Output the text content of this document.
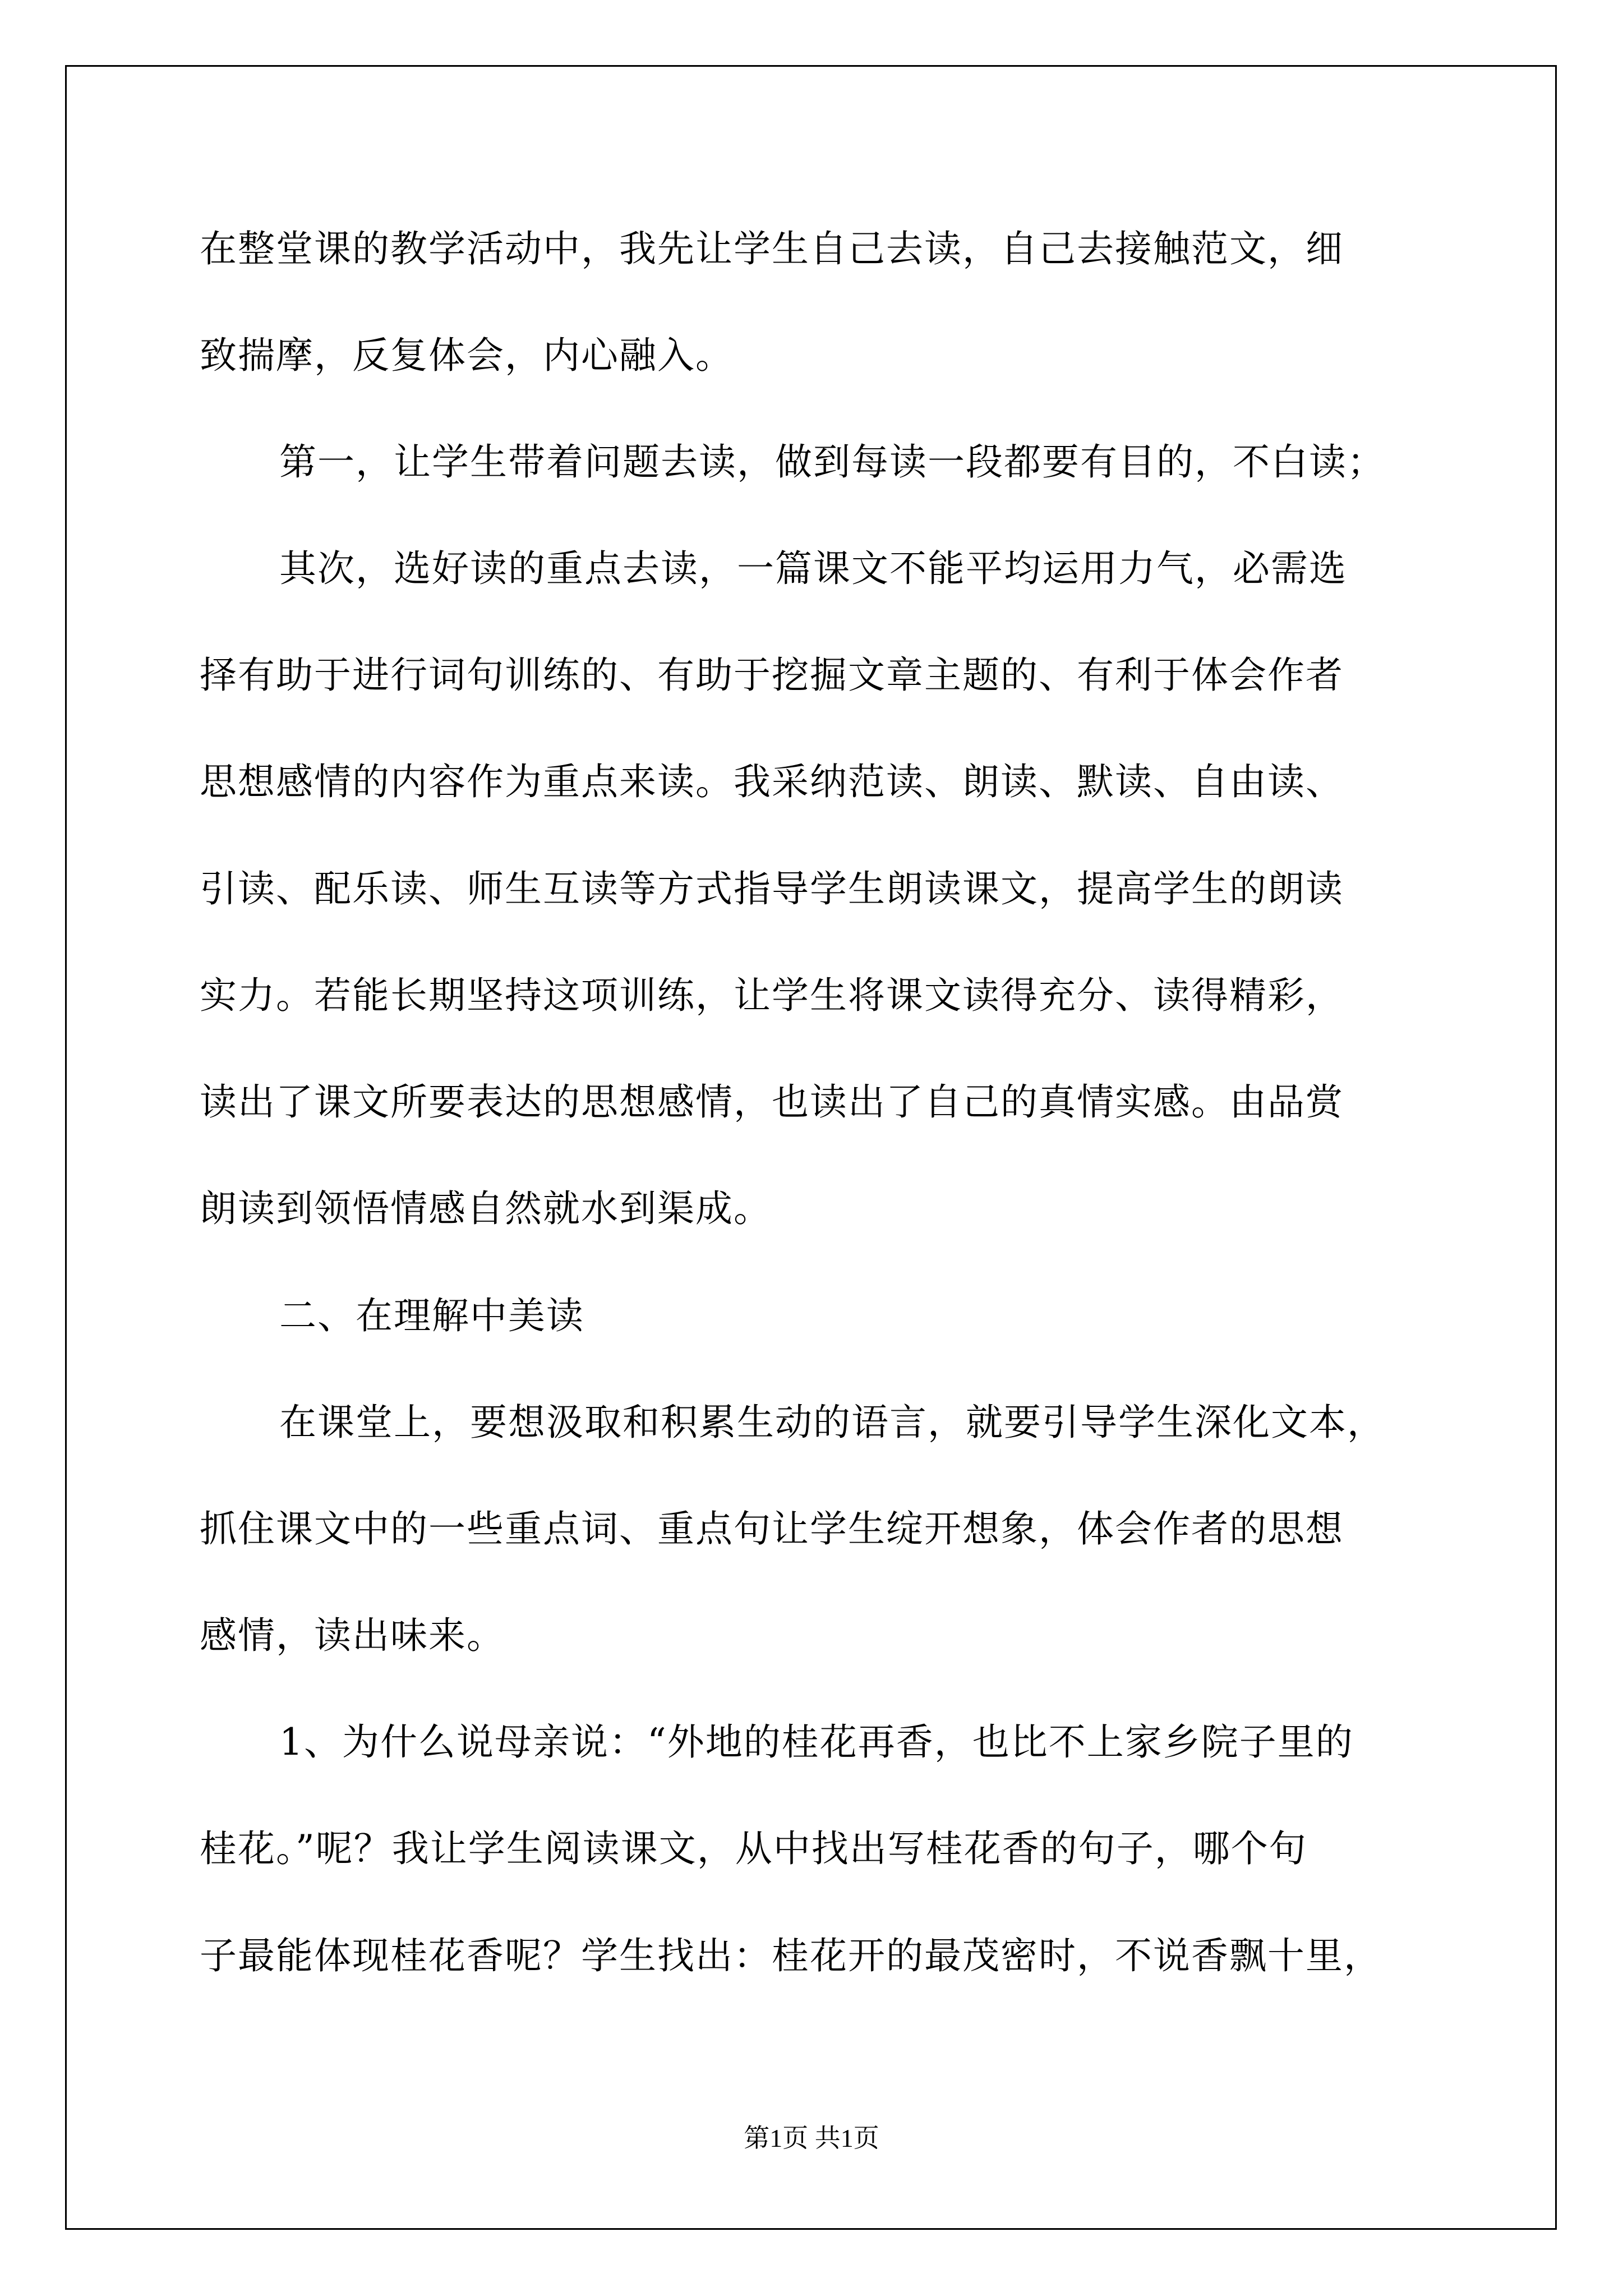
在整堂课的教学活动中，我先让学生自己去读，自己去接触范文，细
致揣摩，反复体会，内心融入。
第一，让学生带着问题去读，做到每读一段都要有目的，不白读；
其次，选好读的重点去读，一篇课文不能平均运用力气，必需选
择有助于进行词句训练的、有助于挖掘文章主题的、有利于体会作者
思想感情的内容作为重点来读。我采纳范读、朗读、默读、自由读、
引读、配乐读、师生互读等方式指导学生朗读课文，提高学生的朗读
实力。若能长期坚持这项训练，让学生将课文读得充分、读得精彩，
读出了课文所要表达的思想感情，也读出了自己的真情实感。由品赏
朗读到领悟情感自然就水到渠成。
二、在理解中美读
在课堂上，要想汲取和积累生动的语言，就要引导学生深化文本，
抓住课文中的一些重点词、重点句让学生绽开想象，体会作者的思想
感情，读出味来。
1、为什么说母亲说：“外地的桂花再香，也比不上家乡院子里的
桂花。”呢？我让学生阅读课文，从中找出写桂花香的句子，哪个句
子最能体现桂花香呢？学生找出：桂花开的最茂密时，不说香飘十里，
第1页 共1页
